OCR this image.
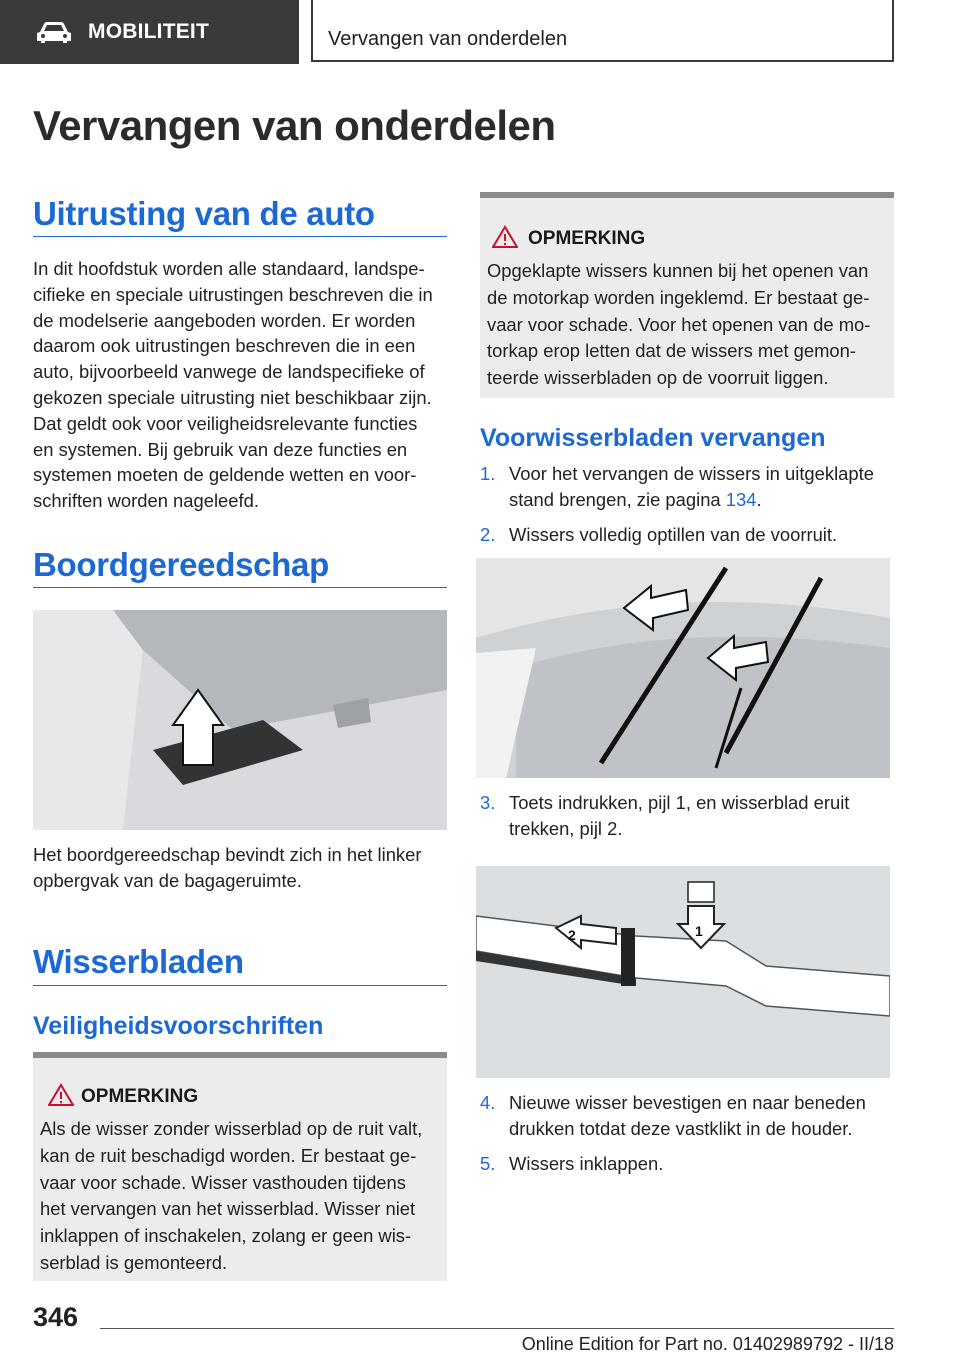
MOBILITEIT	Vervangen van onderdelen
Vervangen van onderdelen
Uitrusting van de auto
In dit hoofdstuk worden alle standaard, landspe-
cifieke en speciale uitrustingen beschreven die in
de modelserie aangeboden worden. Er worden
daarom ook uitrustingen beschreven die in een
auto, bijvoorbeeld vanwege de landspecifieke of
gekozen speciale uitrusting niet beschikbaar zijn.
Dat geldt ook voor veiligheidsrelevante functies
en systemen. Bij gebruik van deze functies en
systemen moeten de geldende wetten en voor-
schriften worden nageleefd.
Boordgereedschap
Het boordgereedschap bevindt zich in het linker
opbergvak van de bagageruimte.
Wisserbladen
Veiligheidsvoorschriften
OPMERKING
Als de wisser zonder wisserblad op de ruit valt,
kan de ruit beschadigd worden. Er bestaat ge-
vaar voor schade. Wisser vasthouden tijdens
het vervangen van het wisserblad. Wisser niet
inklappen of inschakelen, zolang er geen wis-
serblad is gemonteerd.
OPMERKING
Opgeklapte wissers kunnen bij het openen van
de motorkap worden ingeklemd. Er bestaat ge-
vaar voor schade. Voor het openen van de mo-
torkap erop letten dat de wissers met gemon-
teerde wisserbladen op de voorruit liggen.
Voorwisserbladen vervangen
1. Voor het vervangen de wissers in uitgeklapte
stand brengen, zie pagina 134.
2. Wissers volledig optillen van de voorruit.
3. Toets indrukken, pijl 1, en wisserblad eruit
trekken, pijl 2.
1
2
4. Nieuwe wisser bevestigen en naar beneden
drukken totdat deze vastklikt in de houder.
5. Wissers inklappen.
346
Online Edition for Part no. 01402989792 - II/18
